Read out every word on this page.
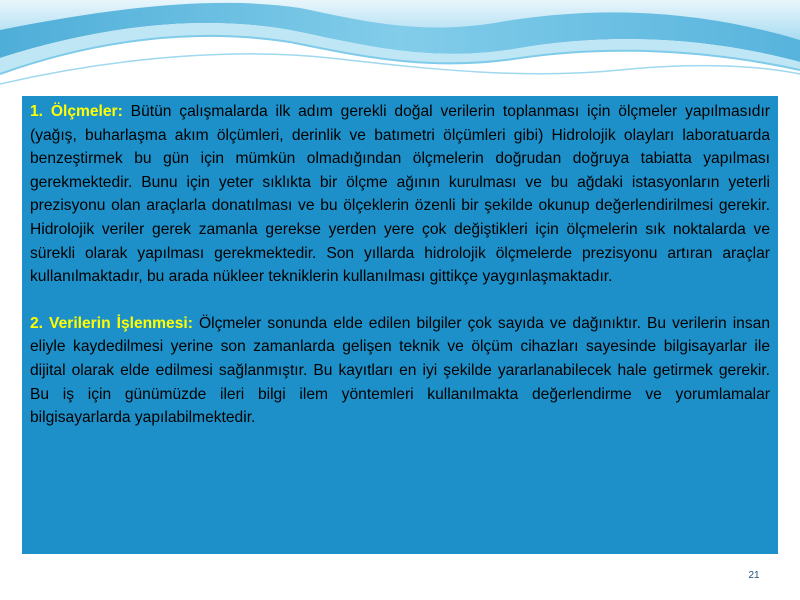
1. Ölçmeler: Bütün çalışmalarda ilk adım gerekli doğal verilerin toplanması için ölçmeler yapılmasıdır (yağış, buharlaşma akım ölçümleri, derinlik ve batımetri ölçümleri gibi) Hidrolojik olayları laboratuarda benzeştirmek bu gün için mümkün olmadığından ölçmelerin doğrudan doğruya tabiatta yapılması gerekmektedir. Bunu için yeter sıklıkta bir ölçme ağının kurulması ve bu ağdaki istasyonların yeterli prezisyonu olan araçlarla donatılması ve bu ölçeklerin özenli bir şekilde okunup değerlendirilmesi gerekir. Hidrolojik veriler gerek zamanla gerekse yerden yere çok değiştikleri için ölçmelerin sık noktalarda ve sürekli olarak yapılması gerekmektedir. Son yıllarda hidrolojik ölçmelerde prezisyonu artıran araçlar kullanılmaktadır, bu arada nükleer tekniklerin kullanılması gittikçe yaygınlaşmaktadır.

2. Verilerin İşlenmesi: Ölçmeler sonunda elde edilen bilgiler çok sayıda ve dağınıktır. Bu verilerin insan eliyle kaydedilmesi yerine son zamanlarda gelişen teknik ve ölçüm cihazları sayesinde bilgisayarlar ile dijital olarak elde edilmesi sağlanmıştır. Bu kayıtları en iyi şekilde yararlanabilecek hale getirmek gerekir. Bu iş için günümüzde ileri bilgi ilem yöntemleri kullanılmakta değerlendirme ve yorumlamalar bilgisayarlarda yapılabilmektedir.

21
